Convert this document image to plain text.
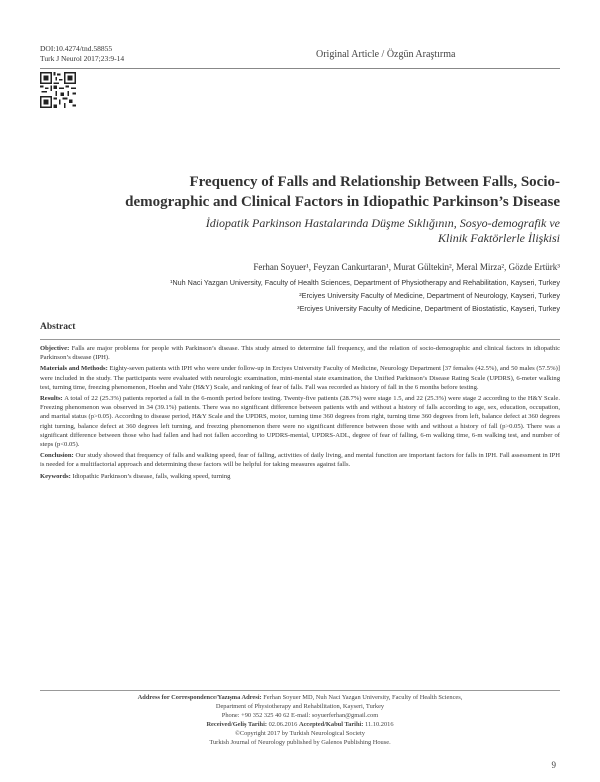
DOI:10.4274/tnd.58855
Turk J Neurol 2017;23:9-14	Original Article / Özgün Araştırma
Frequency of Falls and Relationship Between Falls, Socio-
demographic and Clinical Factors in Idiopathic Parkinson’s Disease
İdiopatik Parkinson Hastalarında Düşme Sıklığının, Sosyo-demografik ve
Klinik Faktörlerle İlişkisi
Ferhan Soyuer¹, Feyzan Cankurtaran¹, Murat Gültekin², Meral Mirza², Gözde Ertürk³
¹Nuh Naci Yazgan University, Faculty of Health Sciences, Department of Physiotherapy and Rehabilitation, Kayseri, Turkey
²Erciyes University Faculty of Medicine, Department of Neurology, Kayseri, Turkey
³Erciyes University Faculty of Medicine, Department of Biostatistic, Kayseri, Turkey
Abstract

Objective: Falls are major problems for people with Parkinson’s disease. This study aimed to determine fall frequency, and the relation of socio-demographic and clinical factors in idiopathic Parkinson’s disease (IPH).

Materials and Methods: Eighty-seven patients with IPH who were under follow-up in Erciyes University Faculty of Medicine, Neurology Department [37 females (42.5%), and 50 males (57.5%)] were included in the study. The participants were evaluated with neurologic examination, mini-mental state examination, the Unified Parkinson’s Disease Rating Scale (UPDRS), 6-meter walking test, turning time, freezing phenomenon, Hoehn and Yahr (H&Y) Scale, and ranking of fear of falls. Fall was recorded as history of fall in the 6 months before testing.

Results: A total of 22 (25.3%) patients reported a fall in the 6-month period before testing. Twenty-five patients (28.7%) were stage 1.5, and 22 (25.3%) were stage 2 according to the H&Y Scale. Freezing phenomenon was observed in 34 (39.1%) patients. There was no significant difference between patients with and without a history of falls according to age, sex, education, occupation, and marital status (p>0.05). According to disease period, H&Y Scale and the UPDRS, motor, turning time 360 degrees from right, turning time 360 degrees from left, balance defect at 360 degrees right turning, balance defect at 360 degrees left turning, and freezing phenomenon there were no significant difference between those with and without a history of fall (p>0.05). There was a significant difference between those who had fallen and had not fallen according to UPDRS-mental, UPDRS-ADL, degree of fear of falling, 6-m walking time, 6-m walking test, and number of steps (p<0.05).

Conclusion: Our study showed that frequency of falls and walking speed, fear of falling, activities of daily living, and mental function are important factors for falls in IPH. Fall assessment in IPH is needed for a multifactorial approach and determining these factors will be helpful for taking measures against falls.

Keywords: Idiopathic Parkinson’s disease, falls, walking speed, turning

Address for Correspondence/Yazışma Adresi: Ferhan Soyuer MD, Nuh Naci Yazgan University, Faculty of Health Sciences,
Department of Physiotherapy and Rehabilitation, Kayseri, Turkey
Phone: +90 352 325 40 62 E-mail: soyuerferhan@gmail.com
Received/Geliş Tarihi: 02.06.2016 Accepted/Kabul Tarihi: 11.10.2016
©Copyright 2017 by Turkish Neurological Society
Turkish Journal of Neurology published by Galenos Publishing House.
9
